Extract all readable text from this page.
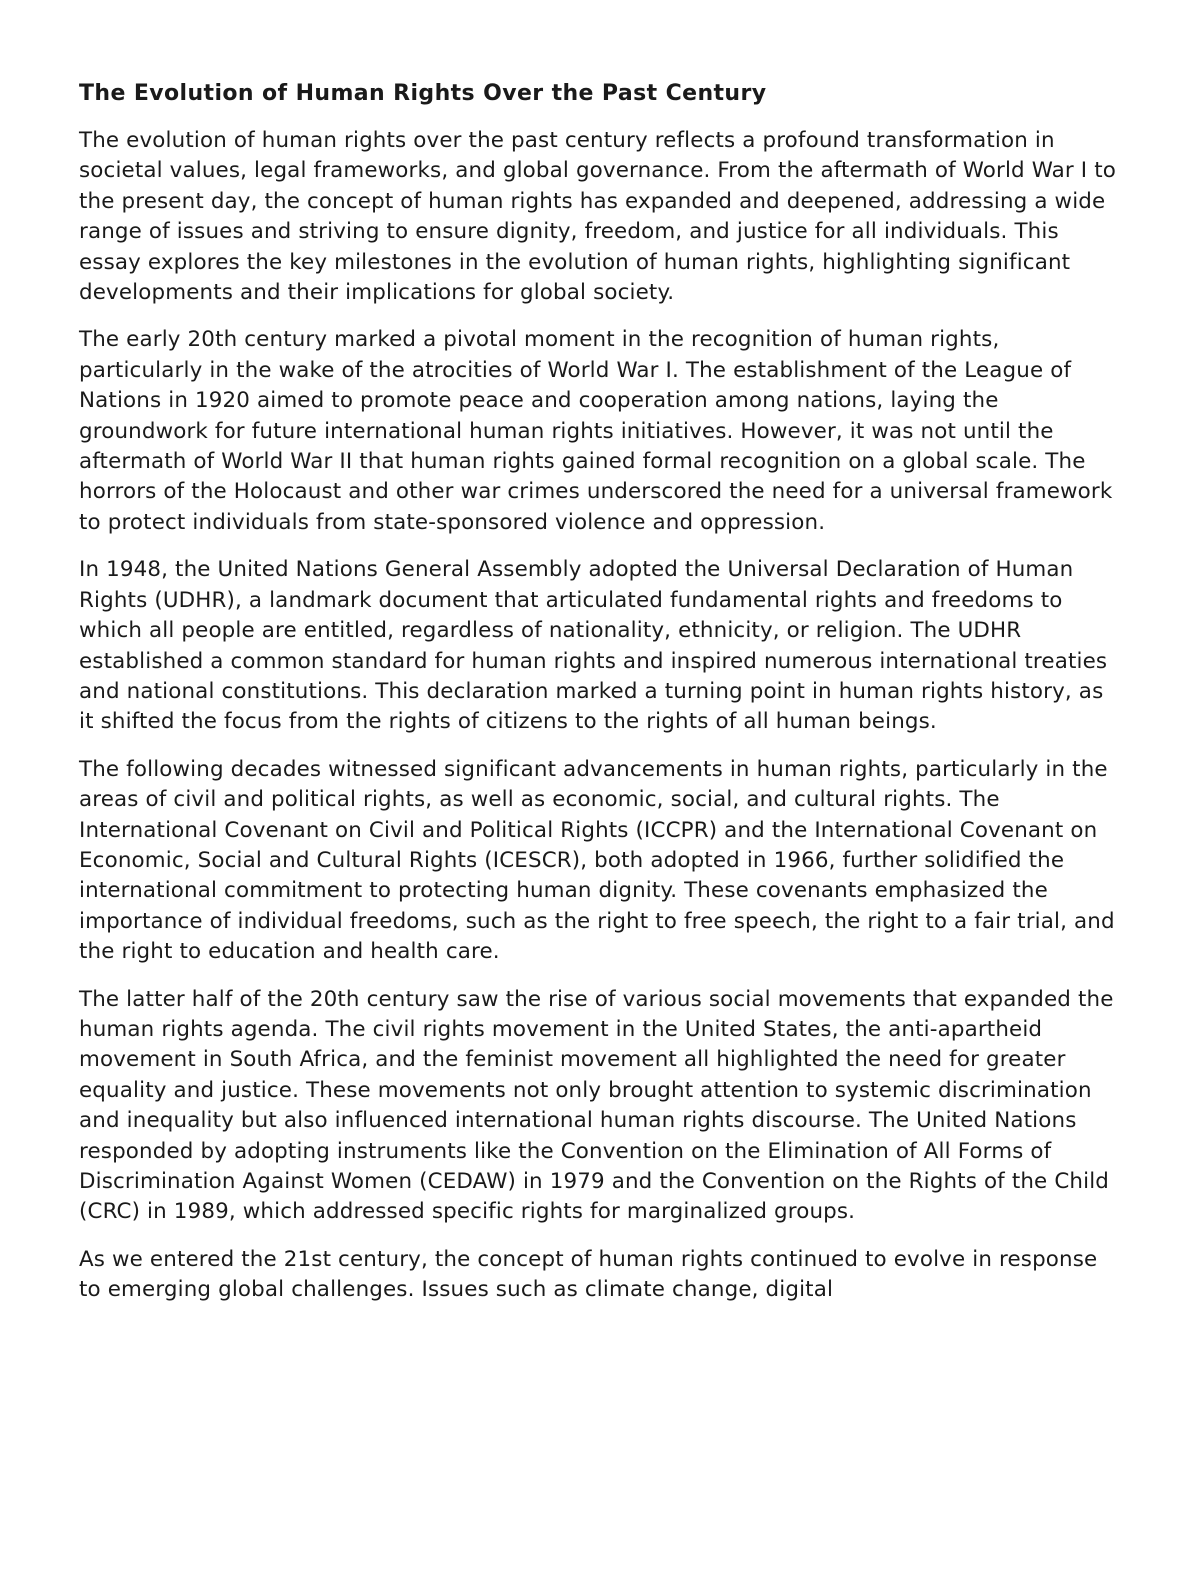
The Evolution of Human Rights Over the Past Century

The evolution of human rights over the past century reflects a profound transformation in societal values, legal frameworks, and global governance. From the aftermath of World War I to the present day, the concept of human rights has expanded and deepened, addressing a wide range of issues and striving to ensure dignity, freedom, and justice for all individuals. This essay explores the key milestones in the evolution of human rights, highlighting significant developments and their implications for global society.

The early 20th century marked a pivotal moment in the recognition of human rights, particularly in the wake of the atrocities of World War I. The establishment of the League of Nations in 1920 aimed to promote peace and cooperation among nations, laying the groundwork for future international human rights initiatives. However, it was not until the aftermath of World War II that human rights gained formal recognition on a global scale. The horrors of the Holocaust and other war crimes underscored the need for a universal framework to protect individuals from state-sponsored violence and oppression.

In 1948, the United Nations General Assembly adopted the Universal Declaration of Human Rights (UDHR), a landmark document that articulated fundamental rights and freedoms to which all people are entitled, regardless of nationality, ethnicity, or religion. The UDHR established a common standard for human rights and inspired numerous international treaties and national constitutions. This declaration marked a turning point in human rights history, as it shifted the focus from the rights of citizens to the rights of all human beings.

The following decades witnessed significant advancements in human rights, particularly in the areas of civil and political rights, as well as economic, social, and cultural rights. The International Covenant on Civil and Political Rights (ICCPR) and the International Covenant on Economic, Social and Cultural Rights (ICESCR), both adopted in 1966, further solidified the international commitment to protecting human dignity. These covenants emphasized the importance of individual freedoms, such as the right to free speech, the right to a fair trial, and the right to education and health care.

The latter half of the 20th century saw the rise of various social movements that expanded the human rights agenda. The civil rights movement in the United States, the anti-apartheid movement in South Africa, and the feminist movement all highlighted the need for greater equality and justice. These movements not only brought attention to systemic discrimination and inequality but also influenced international human rights discourse. The United Nations responded by adopting instruments like the Convention on the Elimination of All Forms of Discrimination Against Women (CEDAW) in 1979 and the Convention on the Rights of the Child (CRC) in 1989, which addressed specific rights for marginalized groups.

As we entered the 21st century, the concept of human rights continued to evolve in response to emerging global challenges. Issues such as climate change, digital
